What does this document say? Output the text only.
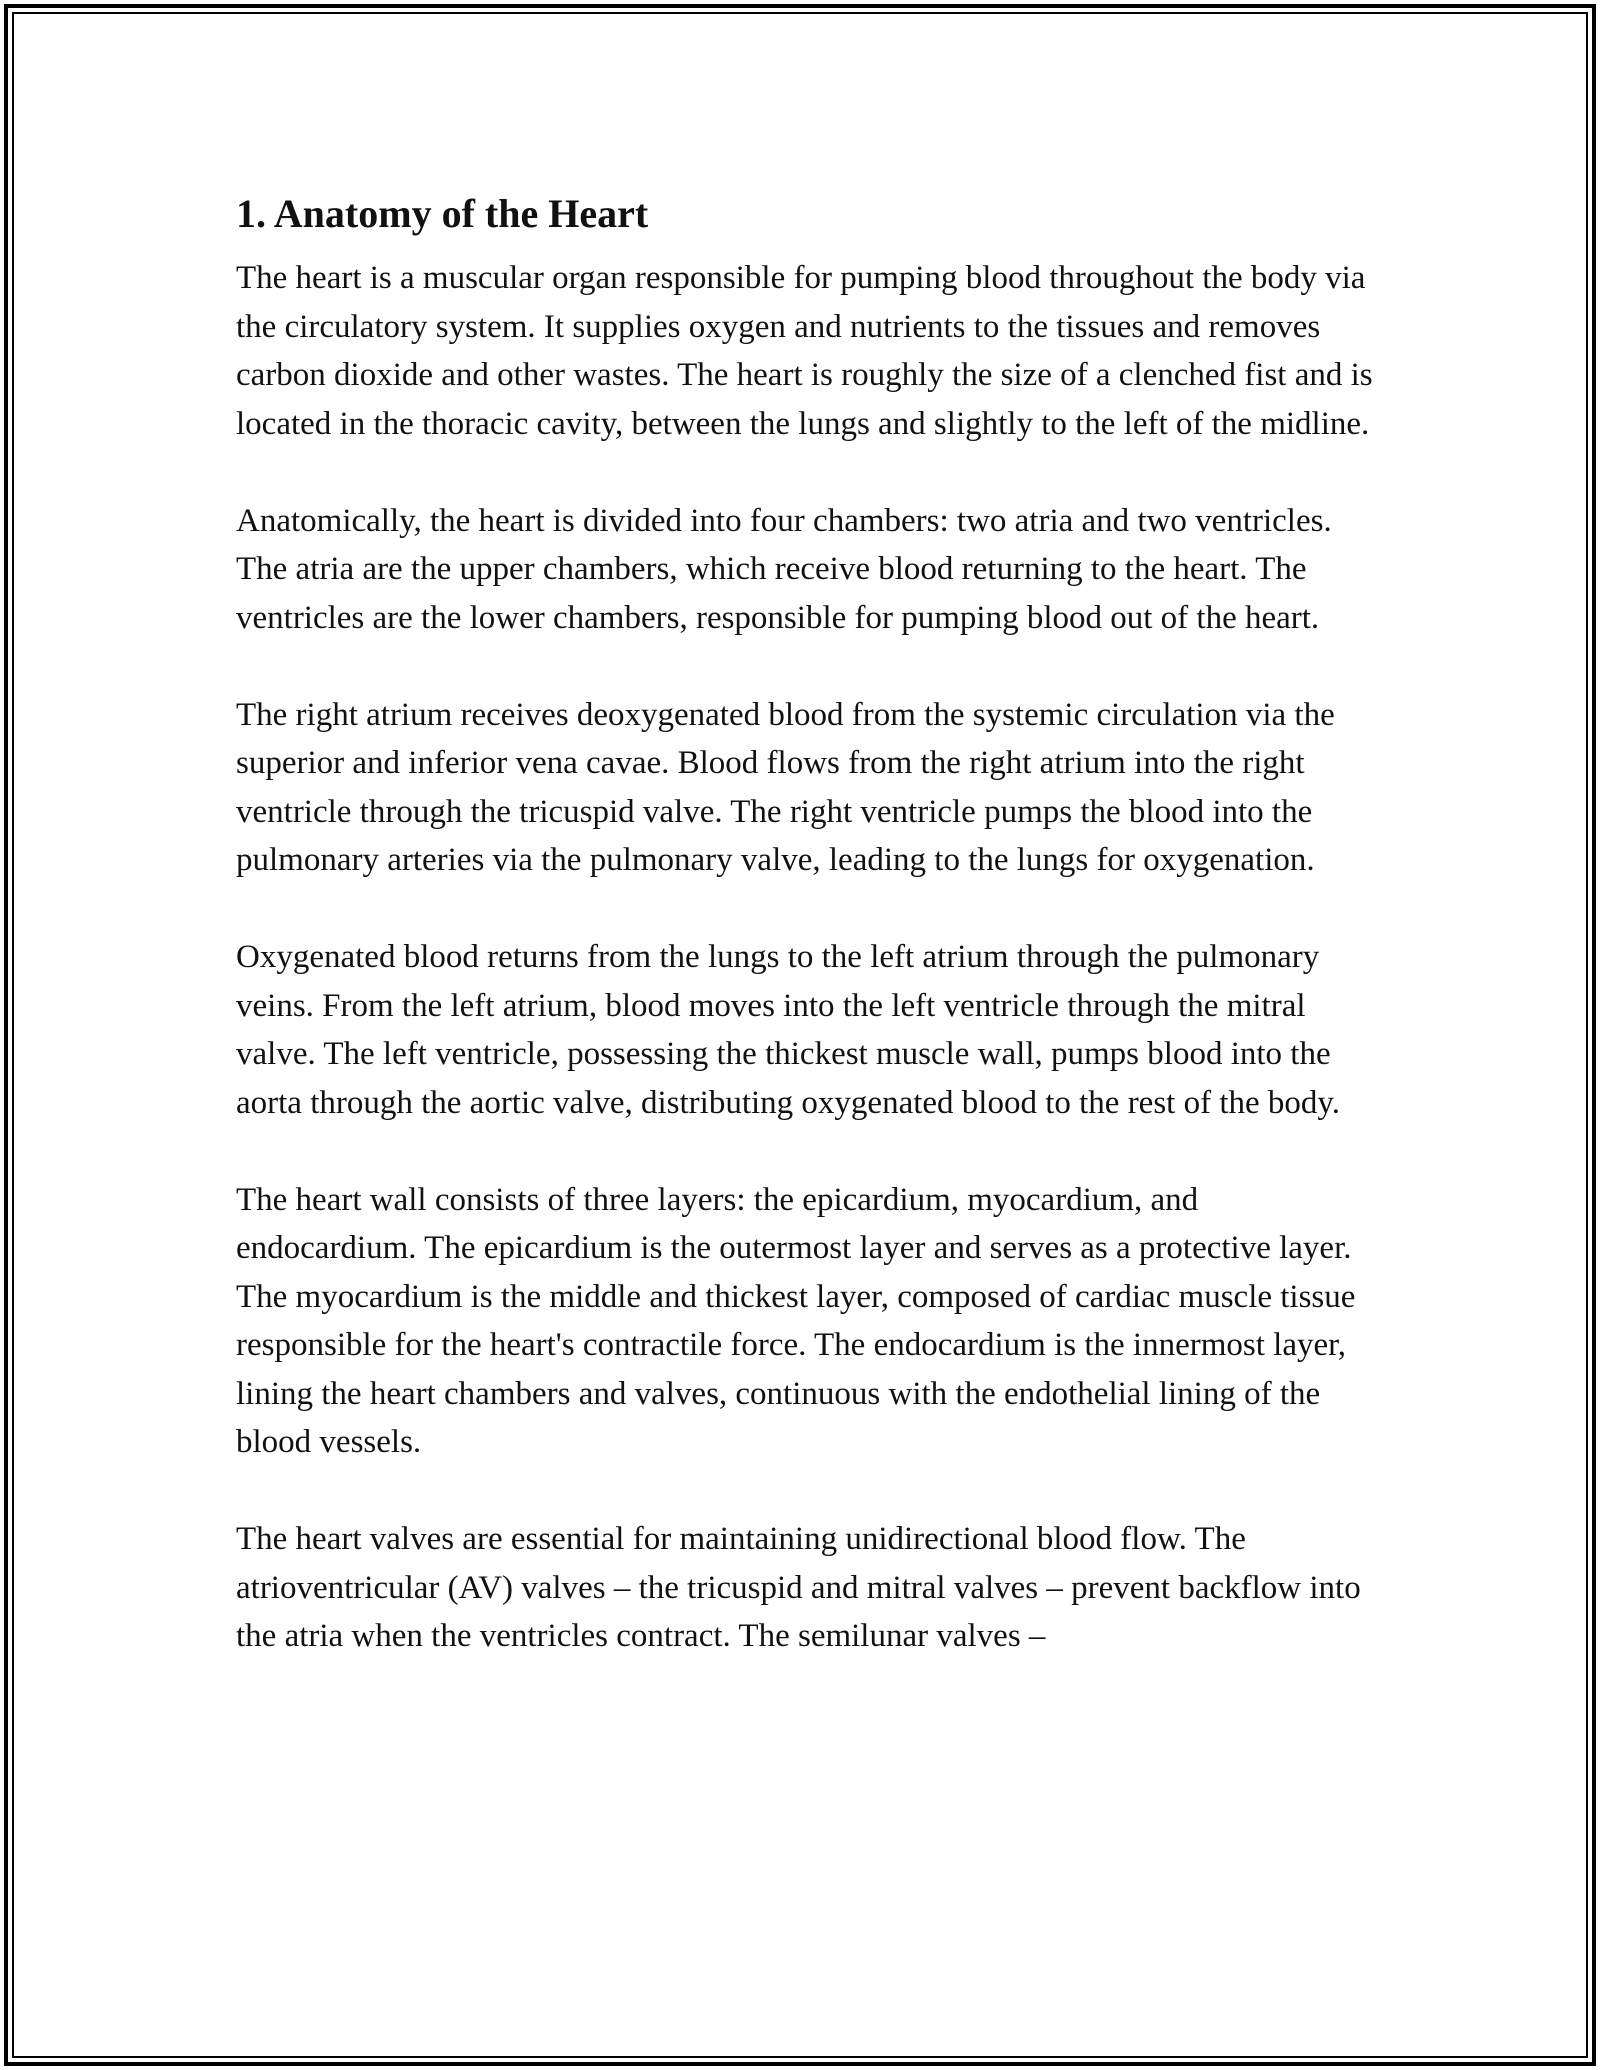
1. Anatomy of the Heart

The heart is a muscular organ responsible for pumping blood throughout the body via the circulatory system. It supplies oxygen and nutrients to the tissues and removes carbon dioxide and other wastes. The heart is roughly the size of a clenched fist and is located in the thoracic cavity, between the lungs and slightly to the left of the midline.

Anatomically, the heart is divided into four chambers: two atria and two ventricles. The atria are the upper chambers, which receive blood returning to the heart. The ventricles are the lower chambers, responsible for pumping blood out of the heart.

The right atrium receives deoxygenated blood from the systemic circulation via the superior and inferior vena cavae. Blood flows from the right atrium into the right ventricle through the tricuspid valve. The right ventricle pumps the blood into the pulmonary arteries via the pulmonary valve, leading to the lungs for oxygenation.

Oxygenated blood returns from the lungs to the left atrium through the pulmonary veins. From the left atrium, blood moves into the left ventricle through the mitral valve. The left ventricle, possessing the thickest muscle wall, pumps blood into the aorta through the aortic valve, distributing oxygenated blood to the rest of the body.

The heart wall consists of three layers: the epicardium, myocardium, and endocardium. The epicardium is the outermost layer and serves as a protective layer. The myocardium is the middle and thickest layer, composed of cardiac muscle tissue responsible for the heart's contractile force. The endocardium is the innermost layer, lining the heart chambers and valves, continuous with the endothelial lining of the blood vessels.

The heart valves are essential for maintaining unidirectional blood flow. The atrioventricular (AV) valves – the tricuspid and mitral valves – prevent backflow into the atria when the ventricles contract. The semilunar valves –
